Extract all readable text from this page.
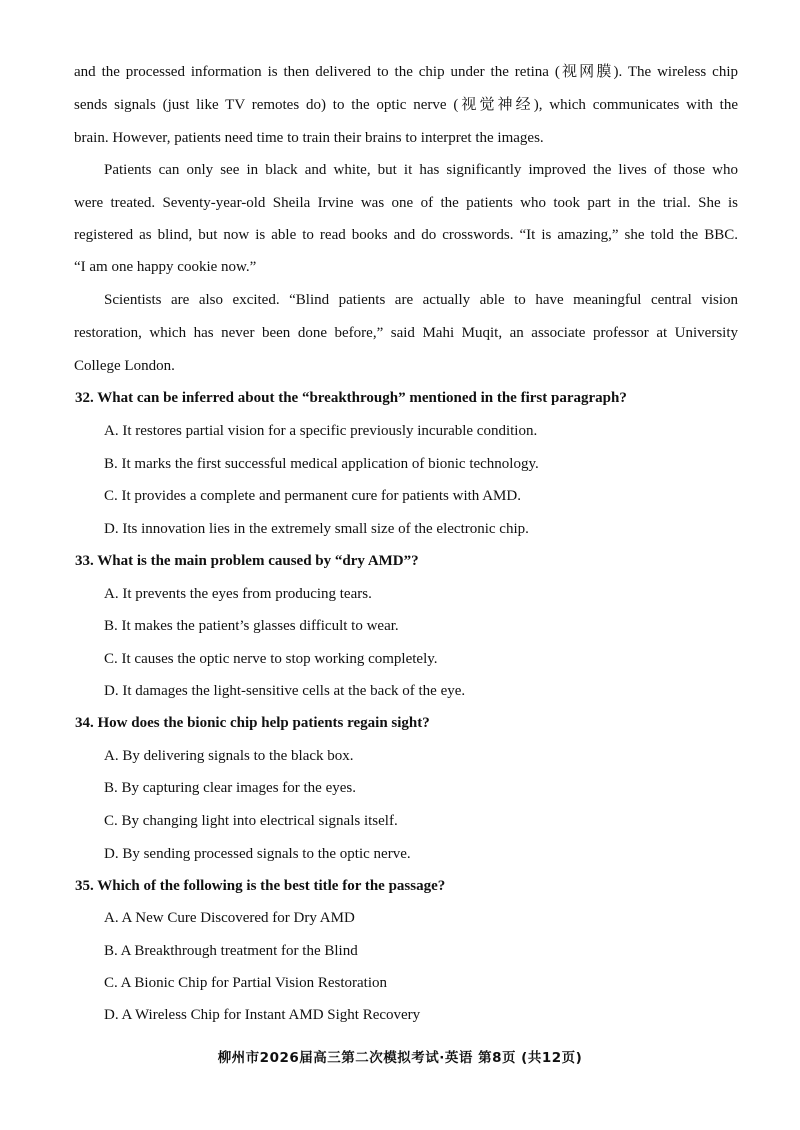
and the processed information is then delivered to the chip under the retina (视网膜). The wireless chip
sends signals (just like TV remotes do) to the optic nerve (视觉神经), which communicates with the
brain. However, patients need time to train their brains to interpret the images.
Patients can only see in black and white, but it has significantly improved the lives of those who
were treated. Seventy-year-old Sheila Irvine was one of the patients who took part in the trial. She is
registered as blind, but now is able to read books and do crosswords. “It is amazing,” she told the BBC.
“I am one happy cookie now.”
Scientists are also excited. “Blind patients are actually able to have meaningful central vision
restoration, which has never been done before,” said Mahi Muqit, an associate professor at University
College London.
32. What can be inferred about the “breakthrough” mentioned in the first paragraph?
A. It restores partial vision for a specific previously incurable condition.
B. It marks the first successful medical application of bionic technology.
C. It provides a complete and permanent cure for patients with AMD.
D. Its innovation lies in the extremely small size of the electronic chip.
33. What is the main problem caused by “dry AMD”?
A. It prevents the eyes from producing tears.
B. It makes the patient’s glasses difficult to wear.
C. It causes the optic nerve to stop working completely.
D. It damages the light-sensitive cells at the back of the eye.
34. How does the bionic chip help patients regain sight?
A. By delivering signals to the black box.
B. By capturing clear images for the eyes.
C. By changing light into electrical signals itself.
D. By sending processed signals to the optic nerve.
35. Which of the following is the best title for the passage?
A. A New Cure Discovered for Dry AMD
B. A Breakthrough treatment for the Blind
C. A Bionic Chip for Partial Vision Restoration
D. A Wireless Chip for Instant AMD Sight Recovery
柳州市2026届高三第二次模拟考试·英语 第8页 (共12页)
